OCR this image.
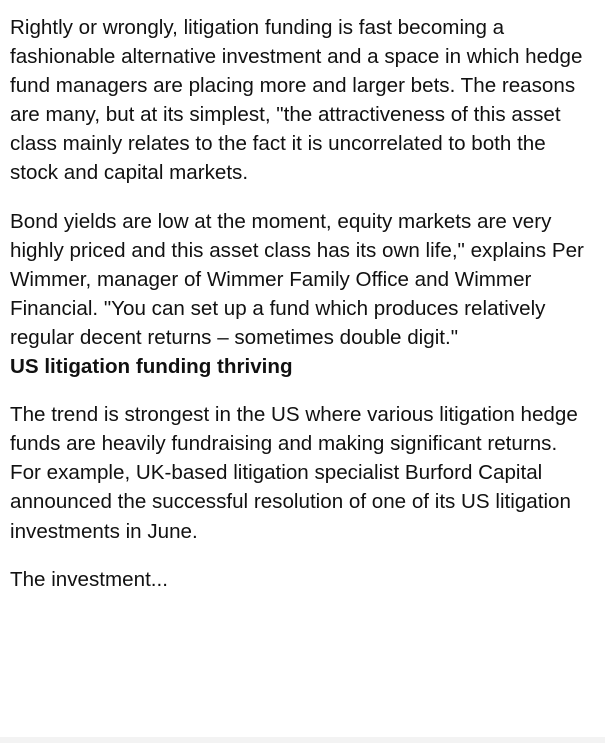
Rightly or wrongly, litigation funding is fast becoming a fashionable alternative investment and a space in which hedge fund managers are placing more and larger bets. The reasons are many, but at its simplest, "the attractiveness of this asset class mainly relates to the fact it is uncorrelated to both the stock and capital markets.

Bond yields are low at the moment, equity markets are very highly priced and this asset class has its own life," explains Per Wimmer, manager of Wimmer Family Office and Wimmer Financial. "You can set up a fund which produces relatively regular decent returns – sometimes double digit."

US litigation funding thriving

The trend is strongest in the US where various litigation hedge funds are heavily fundraising and making significant returns. For example, UK-based litigation specialist Burford Capital announced the successful resolution of one of its US litigation investments in June.

The investment...
